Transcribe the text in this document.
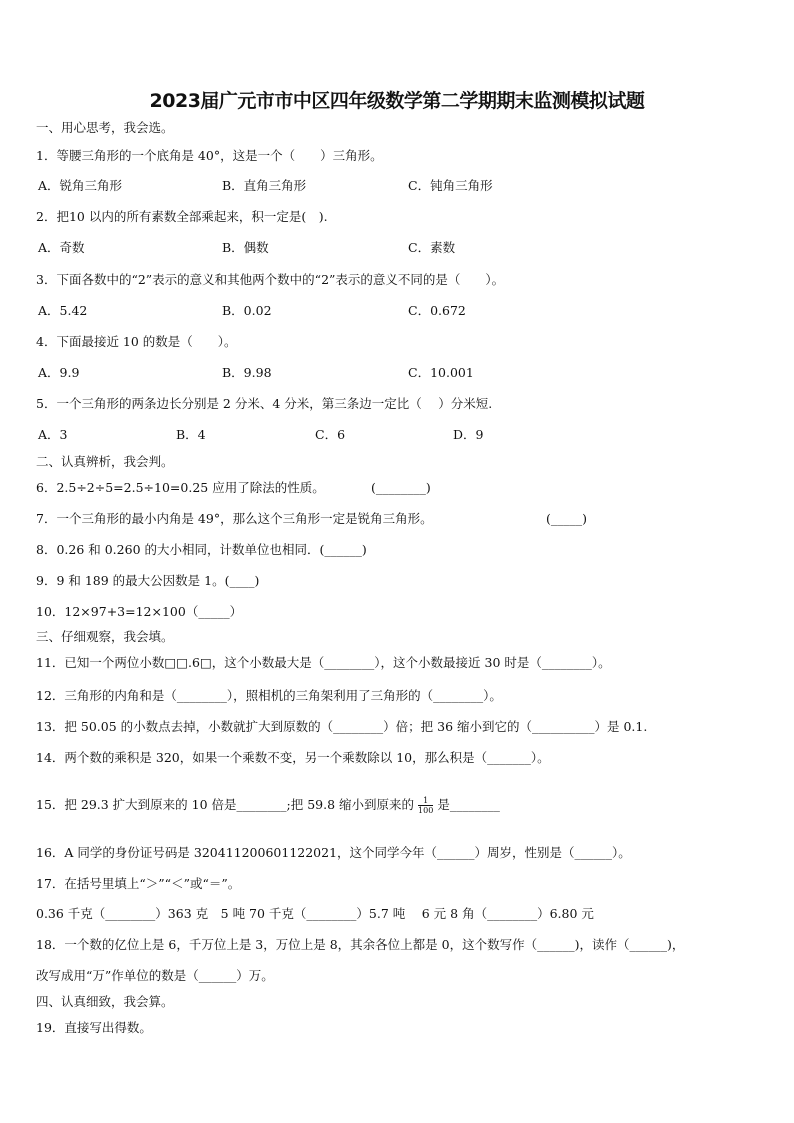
2023届广元市市中区四年级数学第二学期期末监测模拟试题
一、用心思考，我会选。
1．等腰三角形的一个底角是 40°，这是一个（　　）三角形。
A．锐角三角形	B．直角三角形	C．钝角三角形
2．把10 以内的所有素数全部乘起来，积一定是(　).
A．奇数	B．偶数	C．素数
3．下面各数中的“2”表示的意义和其他两个数中的“2”表示的意义不同的是（　　）。
A．5.42	B．0.02	C．0.672
4．下面最接近 10 的数是（　　）。
A．9.9	B．9.98	C．10.001
5．一个三角形的两条边长分别是 2 分米、4 分米，第三条边一定比（　 ）分米短.
A．3	B．4	C．6	D．9
二、认真辨析，我会判。
6．2.5÷2÷5=2.5÷10=0.25 应用了除法的性质。	(________)
7．一个三角形的最小内角是 49°，那么这个三角形一定是锐角三角形。	(_____)
8．0.26 和 0.260 的大小相同，计数单位也相同．(______)
9．9 和 189 的最大公因数是 1。(____)
10．12×97+3=12×100（_____）
三、仔细观察，我会填。
11．已知一个两位小数□□.6□，这个小数最大是（________），这个小数最接近 30 时是（________）。
12．三角形的内角和是（________），照相机的三角架利用了三角形的（________）。
13．把 50.05 的小数点去掉，小数就扩大到原数的（________）倍；把 36 缩小到它的（__________）是 0.1.
14．两个数的乘积是 320，如果一个乘数不变，另一个乘数除以 10，那么积是（_______）。
15．把 29.3 扩大到原来的 10 倍是________;把 59.8 缩小到原来的 $\frac{1}{100}$ 是________
16．A 同学的身份证号码是 320411200601122021，这个同学今年（______）周岁，性别是（______）。
17．在括号里填上“＞”“＜”或“＝”。
0.36 千克（________）363 克　5 吨 70 千克（________）5.7 吨　 6 元 8 角（________）6.80 元
18．一个数的亿位上是 6，千万位上是 3，万位上是 8，其余各位上都是 0，这个数写作（______)，读作（______)，
改写成用“万”作单位的数是（______）万。
四、认真细致，我会算。
19．直接写出得数。
